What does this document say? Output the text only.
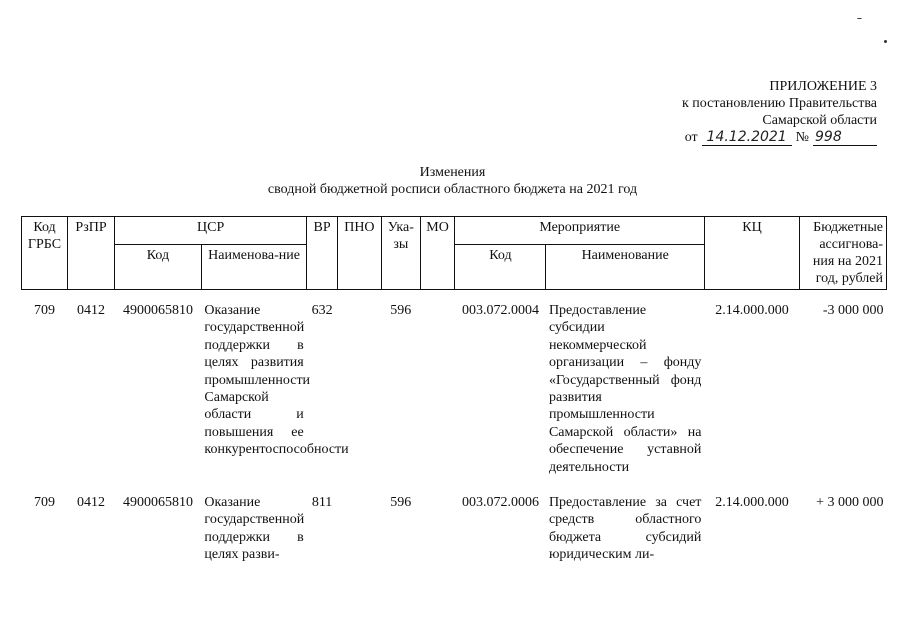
ПРИЛОЖЕНИЕ 3
к постановлению Правительства
Самарской области
от 14.12.2021 № 998
Изменения
сводной бюджетной росписи областного бюджета на 2021 год
Код ГРБС	РзПР	ЦСР		ВР	ПНО	Ука-зы	МО	Мероприятие		КЦ	Бюджетные ассигнова-ния на 2021 год, рублей
		Код	Наименова-ние					Код	Наименование		

709	0412	4900065810	Оказание государственной поддержки в целях развития промышленности Самарской области и повышения ее конкурентоспособности	632		596		003.072.0004	Предоставление субсидии некоммерческой организации – фонду «Государственный фонд развития промышленности Самарской области» на обеспечение уставной деятельности	2.14.000.000	-3 000 000

709	0412	4900065810	Оказание государственной поддержки в целях разви-	811		596		003.072.0006	Предоставление за счет средств областного бюджета субсидий юридическим ли-	2.14.000.000	+ 3 000 000
